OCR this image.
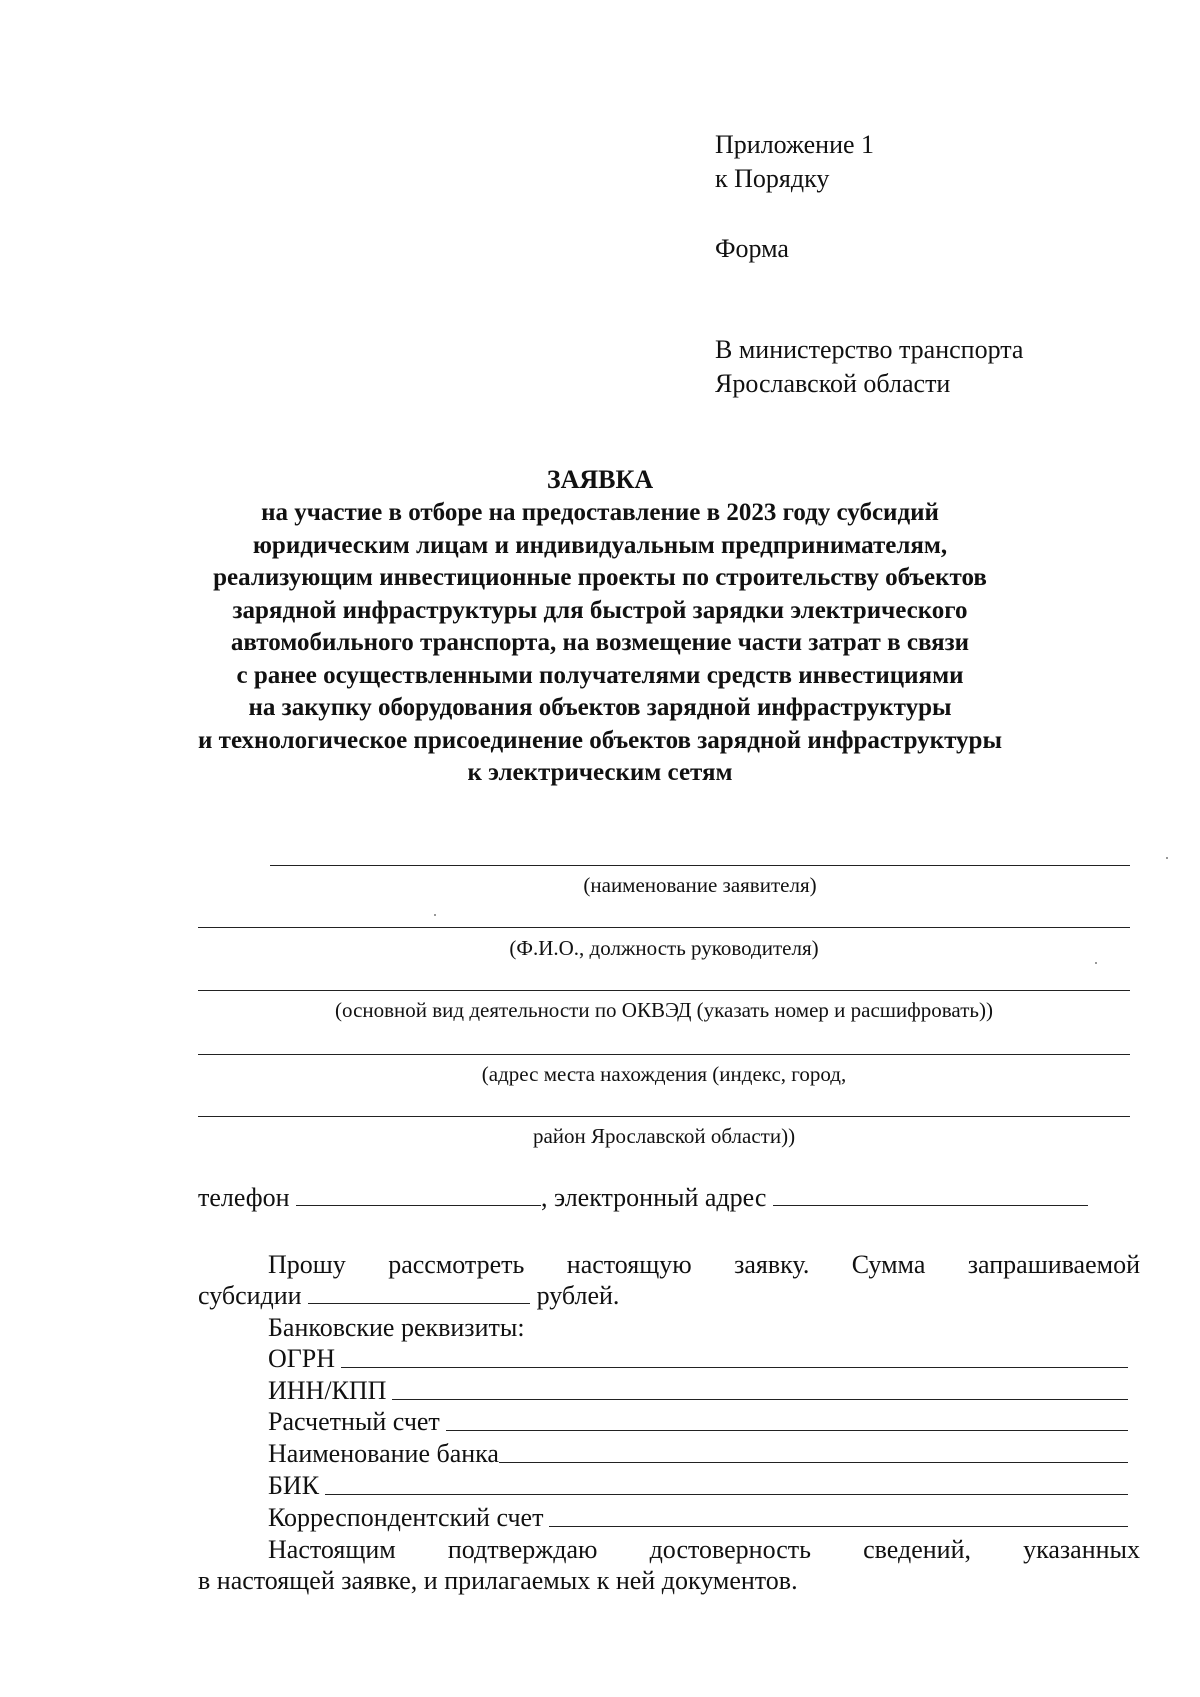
Приложение 1
к Порядку
Форма
В министерство транспорта
Ярославской области
ЗАЯВКА
на участие в отборе на предоставление в 2023 году субсидий
юридическим лицам и индивидуальным предпринимателям,
реализующим инвестиционные проекты по строительству объектов
зарядной инфраструктуры для быстрой зарядки электрического
автомобильного транспорта, на возмещение части затрат в связи
с ранее осуществленными получателями средств инвестициями
на закупку оборудования объектов зарядной инфраструктуры
и технологическое присоединение объектов зарядной инфраструктуры
к электрическим сетям
(наименование заявителя)
(Ф.И.О., должность руководителя)
(основной вид деятельности по ОКВЭД (указать номер и расшифровать))
(адрес места нахождения (индекс, город,
район Ярославской области))
телефон	, электронный адрес
Прошу рассмотреть настоящую заявку. Сумма запрашиваемой
субсидии	рублей.
Банковские реквизиты:
ОГРН
ИНН/КПП
Расчетный счет
Наименование банка
БИК
Корреспондентский счет
Настоящим подтверждаю достоверность сведений, указанных
в настоящей заявке, и прилагаемых к ней документов.
